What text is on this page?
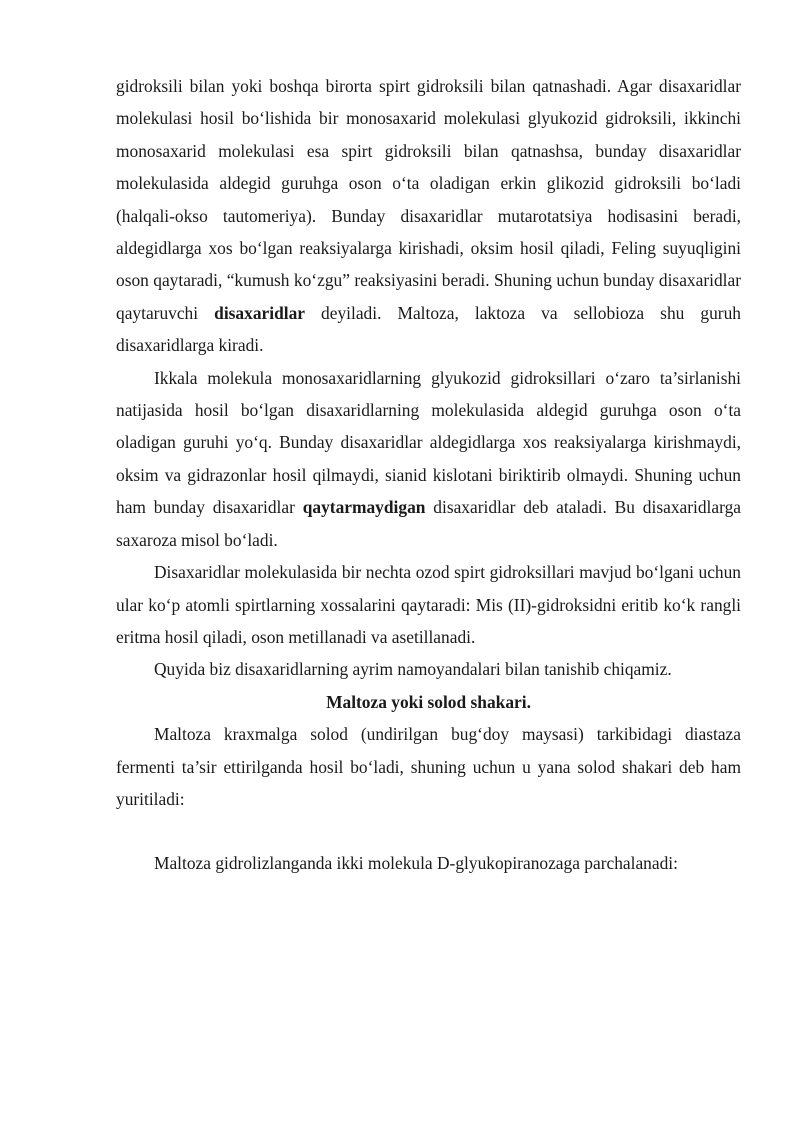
gidroksili bilan yoki boshqa birorta spirt gidroksili bilan qatnashadi. Agar disaxaridlar molekulasi hosil boʻlishida bir monosaxarid molekulasi glyukozid gidroksili, ikkinchi monosaxarid molekulasi esa spirt gidroksili bilan qatnashsa, bunday disaxaridlar molekulasida aldegid guruhga oson oʻta oladigan erkin glikozid gidroksili boʻladi (halqali-okso tautomeriya). Bunday disaxaridlar mutarotatsiya hodisasini beradi, aldegidlarga xos boʻlgan reaksiyalarga kirishadi, oksim hosil qiladi, Feling suyuqligini oson qaytaradi, “kumush koʻzgu” reaksiyasini beradi. Shuning uchun bunday disaxaridlar qaytaruvchi disaxaridlar deyiladi. Maltoza, laktoza va sellobioza shu guruh disaxaridlarga kiradi.

Ikkala molekula monosaxaridlarning glyukozid gidroksillari oʻzaro ta’sirlanishi natijasida hosil boʻlgan disaxaridlarning molekulasida aldegid guruhga oson oʻta oladigan guruhi yoʻq. Bunday disaxaridlar aldegidlarga xos reaksiyalarga kirishmaydi, oksim va gidrazonlar hosil qilmaydi, sianid kislotani biriktirib olmaydi. Shuning uchun ham bunday disaxaridlar qaytarmaydigan disaxaridlar deb ataladi. Bu disaxaridlarga saxaroza misol boʻladi.

Disaxaridlar molekulasida bir nechta ozod spirt gidroksillari mavjud boʻlgani uchun ular koʻp atomli spirtlarning xossalarini qaytaradi: Mis (II)-gidroksidni eritib koʻk rangli eritma hosil qiladi, oson metillanadi va asetillanadi.

Quyida biz disaxaridlarning ayrim namoyandalari bilan tanishib chiqamiz.

Maltoza yoki solod shakari.

Maltoza kraxmalga solod (undirilgan bugʻdoy maysasi) tarkibidagi diastaza fermenti ta’sir ettirilganda hosil boʻladi, shuning uchun u yana solod shakari deb ham yuritiladi:

Maltoza gidrolizlanganda ikki molekula D-glyukopiranozaga parchalanadi:
